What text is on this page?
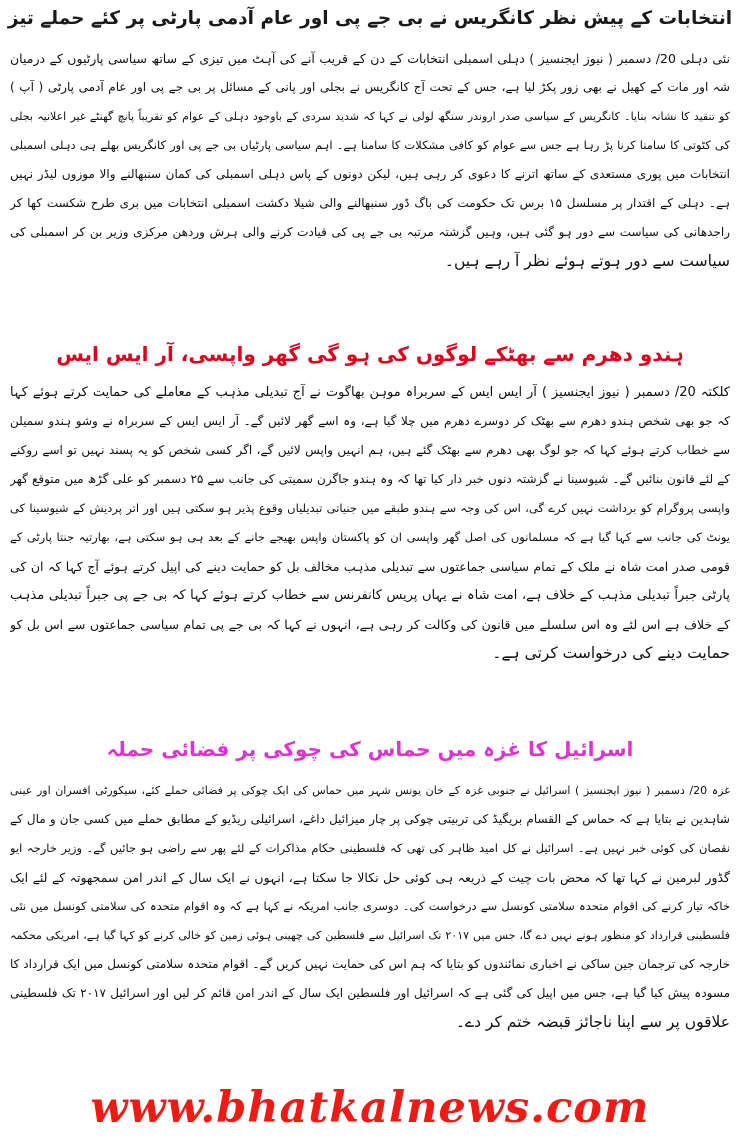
انتخابات کے پیش نظر کانگریس نے بی جے پی اور عام آدمی پارٹی پر کئے حملے تیز
نئی دہلی 20/ دسمبر ( نیوز ایجنسیز ) دہلی اسمبلی انتخابات کے دن کے قریب آنے کی آہٹ میں تیزی کے ساتھ سیاسی پارٹیوں کے درمیان
شہ اور مات کے کھیل نے بھی زور پکڑ لیا ہے، جس کے تحت آج کانگریس نے بجلی اور پانی کے مسائل پر بی جے پی اور عام آدمی پارٹی ( آپ )
کو تنقید کا نشانہ بنایا۔ کانگریس کے سیاسی صدر اروندر سنگھ لولی نے کہا کہ شدید سردی کے باوجود دہلی کے عوام کو تقریباً پانچ گھنٹے غیر اعلانیہ بجلی
کی کٹوتی کا سامنا کرنا پڑ رہا ہے جس سے عوام کو کافی مشکلات کا سامنا ہے۔ اہم سیاسی پارٹیاں بی جے پی اور کانگریس بھلے ہی دہلی اسمبلی
انتخابات میں پوری مستعدی کے ساتھ اترنے کا دعوی کر رہی ہیں، لیکن دونوں کے پاس دہلی اسمبلی کی کمان سنبھالنے والا موزوں لیڈر نہیں
ہے۔ دہلی کے اقتدار پر مسلسل ۱۵ برس تک حکومت کی باگ ڈور سنبھالنے والی شیلا دکشت اسمبلی انتخابات میں بری طرح شکست کھا کر
راجدھانی کی سیاست سے دور ہو گئی ہیں، وہیں گزشتہ مرتبہ بی جے پی کی قیادت کرنے والی ہرش وردھن مرکزی وزیر بن کر اسمبلی کی
سیاست سے دور ہوتے ہوئے نظر آ رہے ہیں۔
ہندو دھرم سے بھٹکے لوگوں کی ہو گی گھر واپسی، آر ایس ایس
کلکتہ 20/ دسمبر ( نیوز ایجنسیز ) آر ایس ایس کے سربراہ موہن بھاگوت نے آج تبدیلی مذہب کے معاملے کی حمایت کرتے ہوئے کہا
کہ جو بھی شخص ہندو دھرم سے بھٹک کر دوسرے دھرم میں چلا گیا ہے، وہ اسے گھر لائیں گے۔ آر ایس ایس کے سربراہ نے وشو ہندو سمیلن
سے خطاب کرتے ہوئے کہا کہ جو لوگ بھی دھرم سے بھٹک گئے ہیں، ہم انہیں واپس لائیں گے، اگر کسی شخص کو یہ پسند نہیں تو اسے روکنے
کے لئے قانون بنائیں گے۔ شیوسینا نے گزشتہ دنوں خبر دار کیا تھا کہ وہ ہندو جاگرن سمیتی کی جانب سے ۲۵ دسمبر کو علی گڑھ میں متوقع گھر
واپسی پروگرام کو برداشت نہیں کرے گی، اس کی وجہ سے ہندو طبقے میں جنیاتی تبدیلیاں وقوع پذیر ہو سکتی ہیں اور اتر پردیش کے شیوسینا کی
یونٹ کی جانب سے کہا گیا ہے کہ مسلمانوں کی اصل گھر واپسی ان کو پاکستان واپس بھیجے جانے کے بعد ہی ہو سکتی ہے، بھارتیہ جنتا پارٹی کے
قومی صدر امت شاہ نے ملک کے تمام سیاسی جماعتوں سے تبدیلی مذہب مخالف بل کو حمایت دینے کی اپیل کرتے ہوئے آج کہا کہ ان کی
پارٹی جبراً تبدیلی مذہب کے خلاف ہے، امت شاہ نے یہاں پریس کانفرنس سے خطاب کرتے ہوئے کہا کہ بی جے پی جبراً تبدیلی مذہب
کے خلاف ہے اس لئے وہ اس سلسلے میں قانون کی وکالت کر رہی ہے، انہوں نے کہا کہ بی جے پی تمام سیاسی جماعتوں سے اس بل کو
حمایت دینے کی درخواست کرتی ہے۔
اسرائیل کا غزہ میں حماس کی چوکی پر فضائی حملہ
غزہ 20/ دسمبر ( نیوز ایجنسیز ) اسرائیل نے جنوبی غزہ کے خان یونس شہر میں حماس کی ایک چوکی پر فضائی حملے کئے، سیکورٹی افسران اور عینی
شاہدین نے بتایا ہے کہ حماس کے القسام بریگیڈ کی تربیتی چوکی پر چار میزائیل داغے، اسرائیلی ریڈیو کے مطابق حملے میں کسی جان و مال کے
نقصان کی کوئی خبر نہیں ہے۔ اسرائیل نے کل امید ظاہر کی تھی کہ فلسطینی حکام مذاکرات کے لئے پھر سے راضی ہو جائیں گے۔ وزیر خارجہ ایو
گڈور لبرمین نے کہا تھا کہ محض بات چیت کے ذریعہ ہی کوئی حل نکالا جا سکتا ہے، انہوں نے ایک سال کے اندر امن سمجھوتہ کے لئے ایک
خاکہ تیار کرنے کی اقوام متحدہ سلامتی کونسل سے درخواست کی۔ دوسری جانب امریکہ نے کہا ہے کہ وہ اقوام متحدہ کی سلامتی کونسل میں نئی
فلسطینی قرارداد کو منظور ہونے نہیں دے گا، جس میں ۲۰۱۷ تک اسرائیل سے فلسطین کی چھینی ہوئی زمین کو خالی کرنے کو کہا گیا ہے، امریکی محکمہ
خارجہ کی ترجمان جین ساکی نے اخباری نمائندوں کو بتایا کہ ہم اس کی حمایت نہیں کریں گے۔ اقوام متحدہ سلامتی کونسل میں ایک قرارداد کا
مسودہ پیش کیا گیا ہے، جس میں اپیل کی گئی ہے کہ اسرائیل اور فلسطین ایک سال کے اندر امن قائم کر لیں اور اسرائیل ۲۰۱۷ تک فلسطینی
علاقوں پر سے اپنا ناجائز قبضہ ختم کر دے۔
www.bhatkalnews.com
